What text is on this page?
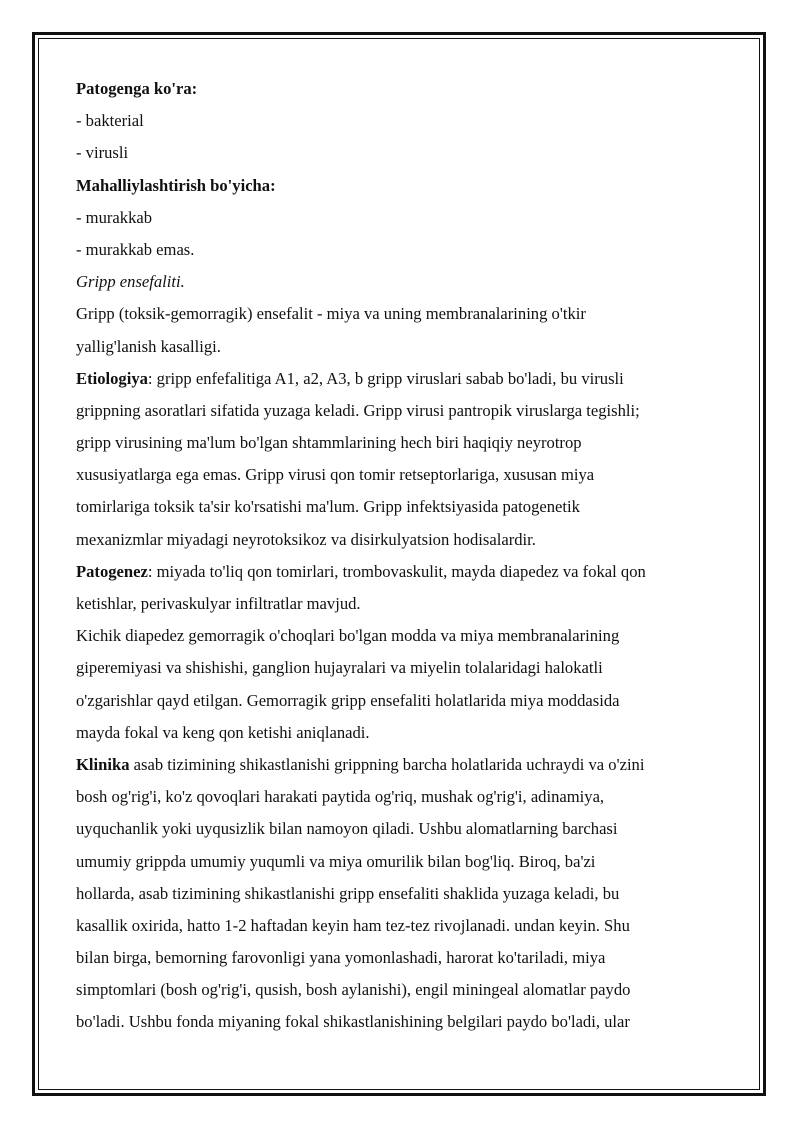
Patogenga ko'ra:
- bakterial
- virusli
Mahalliylashtirish bo'yicha:
- murakkab
- murakkab emas.
Gripp ensefaliti.
Gripp (toksik-gemorragik) ensefalit - miya va uning membranalarining o'tkir
yallig'lanish kasalligi.
Etiologiya: gripp enfefalitiga A1, a2, A3, b gripp viruslari sabab bo'ladi, bu virusli
grippning asoratlari sifatida yuzaga keladi. Gripp virusi pantropik viruslarga tegishli;
gripp virusining ma'lum bo'lgan shtammlarining hech biri haqiqiy neyrotrop
xususiyatlarga ega emas. Gripp virusi qon tomir retseptorlariga, xususan miya
tomirlariga toksik ta'sir ko'rsatishi ma'lum. Gripp infektsiyasida patogenetik
mexanizmlar miyadagi neyrotoksikoz va disirkulyatsion hodisalardir.
Patogenez: miyada to'liq qon tomirlari, trombovaskulit, mayda diapedez va fokal qon
ketishlar, perivaskulyar infiltratlar mavjud.
Kichik diapedez gemorragik o'choqlari bo'lgan modda va miya membranalarining
giperemiyasi va shishishi, ganglion hujayralari va miyelin tolalaridagi halokatli
o'zgarishlar qayd etilgan. Gemorragik gripp ensefaliti holatlarida miya moddasida
mayda fokal va keng qon ketishi aniqlanadi.
Klinika asab tizimining shikastlanishi grippning barcha holatlarida uchraydi va o'zini
bosh og'rig'i, ko'z qovoqlari harakati paytida og'riq, mushak og'rig'i, adinamiya,
uyquchanlik yoki uyqusizlik bilan namoyon qiladi. Ushbu alomatlarning barchasi
umumiy grippda umumiy yuqumli va miya omurilik bilan bog'liq. Biroq, ba'zi
hollarda, asab tizimining shikastlanishi gripp ensefaliti shaklida yuzaga keladi, bu
kasallik oxirida, hatto 1-2 haftadan keyin ham tez-tez rivojlanadi. undan keyin. Shu
bilan birga, bemorning farovonligi yana yomonlashadi, harorat ko'tariladi, miya
simptomlari (bosh og'rig'i, qusish, bosh aylanishi), engil miningeal alomatlar paydo
bo'ladi. Ushbu fonda miyaning fokal shikastlanishining belgilari paydo bo'ladi, ular
